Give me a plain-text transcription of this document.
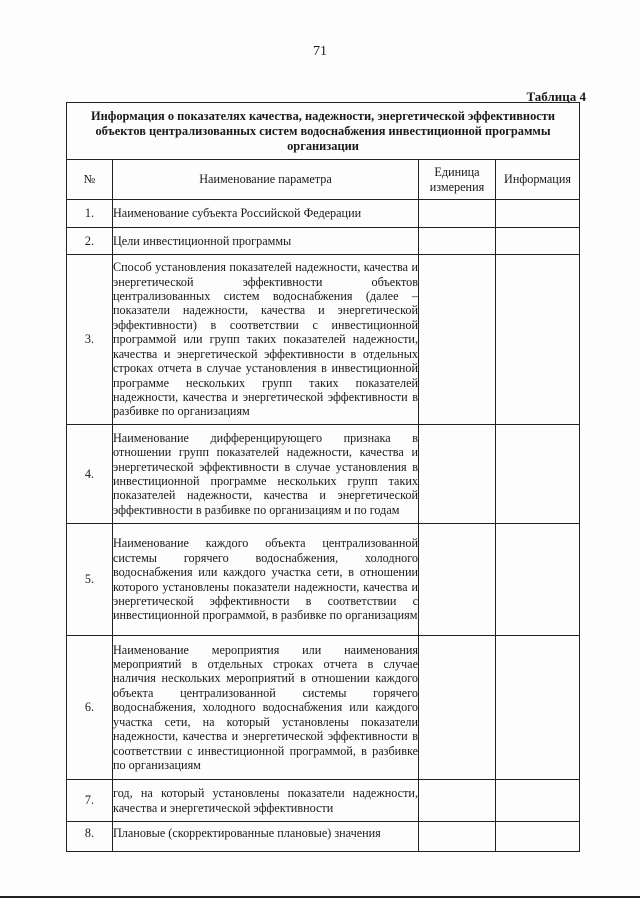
71
Таблица 4
Информация о показателях качества, надежности, энергетической эффективности объектов централизованных систем водоснабжения инвестиционной программы организации			
№	Наименование параметра	Единица измерения	Информация
1.	Наименование субъекта Российской Федерации		
2.	Цели инвестиционной программы		
3.	Способ установления показателей надежности, качества и энергетической эффективности объектов централизованных систем водоснабжения (далее – показатели надежности, качества и энергетической эффективности) в соответствии с инвестиционной программой или групп таких показателей надежности, качества и энергетической эффективности в отдельных строках отчета в случае установления в инвестиционной программе нескольких групп таких показателей надежности, качества и энергетической эффективности в разбивке по организациям		
4.	Наименование дифференцирующего признака в отношении групп показателей надежности, качества и энергетической эффективности в случае установления в инвестиционной программе нескольких групп таких показателей надежности, качества и энергетической эффективности в разбивке по организациям и по годам		
5.	Наименование каждого объекта централизованной системы горячего водоснабжения, холодного водоснабжения или каждого участка сети, в отношении которого установлены показатели надежности, качества и энергетической эффективности в соответствии с инвестиционной программой, в разбивке по организациям		
6.	Наименование мероприятия или наименования мероприятий в отдельных строках отчета в случае наличия нескольких мероприятий в отношении каждого объекта централизованной системы горячего водоснабжения, холодного водоснабжения или каждого участка сети, на который установлены показатели надежности, качества и энергетической эффективности в соответствии с инвестиционной программой, в разбивке по организациям		
7.	год, на который установлены показатели надежности, качества и энергетической эффективности		
8.	Плановые (скорректированные плановые) значения		
